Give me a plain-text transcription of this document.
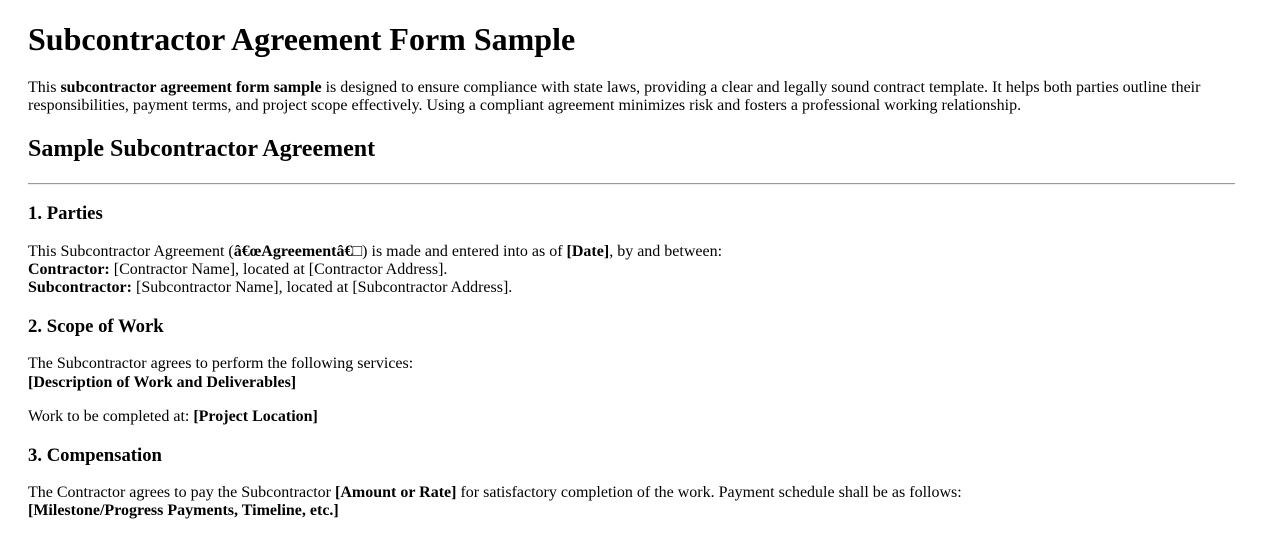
Subcontractor Agreement Form Sample

This subcontractor agreement form sample is designed to ensure compliance with state laws, providing a clear and legally sound contract template. It helps both parties outline their responsibilities, payment terms, and project scope effectively. Using a compliant agreement minimizes risk and fosters a professional working relationship.

Sample Subcontractor Agreement
1. Parties

This Subcontractor Agreement (â€œAgreementâ€□) is made and entered into as of [Date], by and between:
Contractor: [Contractor Name], located at [Contractor Address].
Subcontractor: [Subcontractor Name], located at [Subcontractor Address].

2. Scope of Work

The Subcontractor agrees to perform the following services:
[Description of Work and Deliverables]

Work to be completed at: [Project Location]

3. Compensation

The Contractor agrees to pay the Subcontractor [Amount or Rate] for satisfactory completion of the work. Payment schedule shall be as follows:
[Milestone/Progress Payments, Timeline, etc.]
